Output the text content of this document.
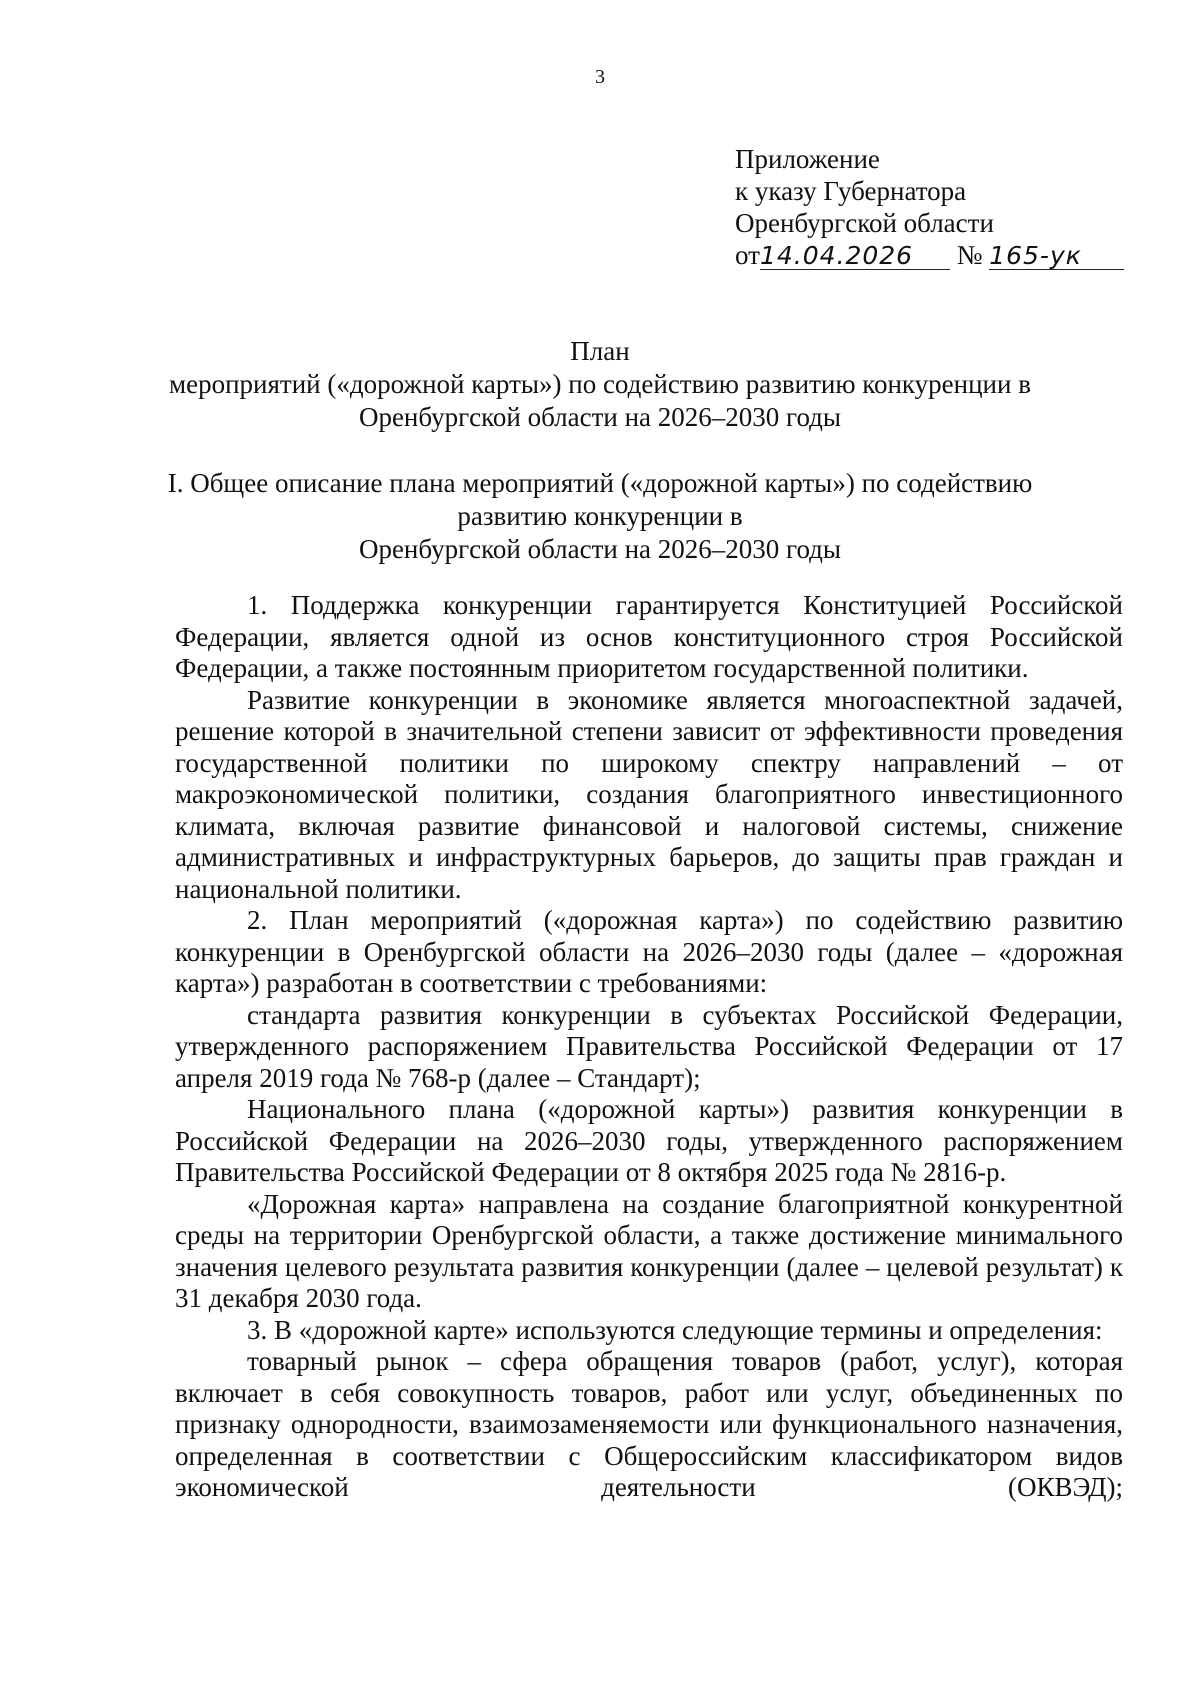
3
Приложение
к указу Губернатора
Оренбургской области
от14.04.2026 № 165-ук
План
мероприятий («дорожной карты») по содействию развитию конкуренции в Оренбургской области на 2026–2030 годы
I. Общее описание плана мероприятий («дорожной карты») по содействию развитию конкуренции в
Оренбургской области на 2026–2030 годы

1. Поддержка конкуренции гарантируется Конституцией Российской Федерации, является одной из основ конституционного строя Российской Федерации, а также постоянным приоритетом государственной политики.

Развитие конкуренции в экономике является многоаспектной задачей, решение которой в значительной степени зависит от эффективности проведения государственной политики по широкому спектру направлений – от макроэкономической политики, создания благоприятного инвестиционного климата, включая развитие финансовой и налоговой системы, снижение административных и инфраструктурных барьеров, до защиты прав граждан и национальной политики.

2. План мероприятий («дорожная карта») по содействию развитию конкуренции в Оренбургской области на 2026–2030 годы (далее – «дорожная карта») разработан в соответствии с требованиями:

стандарта развития конкуренции в субъектах Российской Федерации, утвержденного распоряжением Правительства Российской Федерации от 17 апреля 2019 года № 768-р (далее – Стандарт);

Национального плана («дорожной карты») развития конкуренции в Российской Федерации на 2026–2030 годы, утвержденного распоряжением Правительства Российской Федерации от 8 октября 2025 года № 2816-р.

«Дорожная карта» направлена на создание благоприятной конкурентной среды на территории Оренбургской области, а также достижение минимального значения целевого результата развития конкуренции (далее – целевой результат) к 31 декабря 2030 года.

3. В «дорожной карте» используются следующие термины и определения:

товарный рынок – сфера обращения товаров (работ, услуг), которая включает в себя совокупность товаров, работ или услуг, объединенных по признаку однородности, взаимозаменяемости или функционального назначения, определенная в соответствии с Общероссийским классификатором видов экономической деятельности (ОКВЭД);
